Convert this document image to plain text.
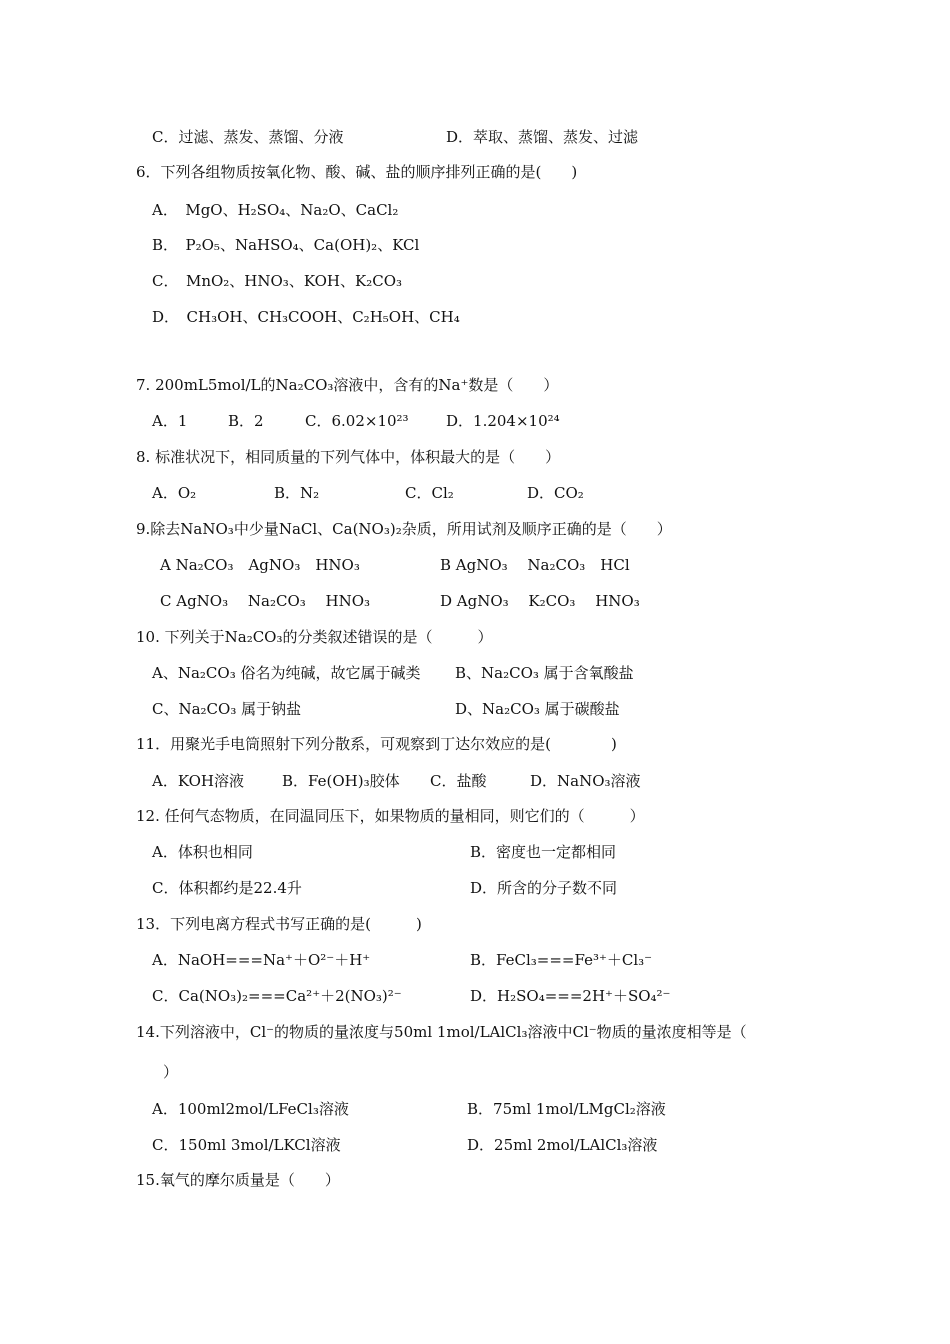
C．过滤、蒸发、蒸馏、分液	D．萃取、蒸馏、蒸发、过滤
6．下列各组物质按氧化物、酸、碱、盐的顺序排列正确的是(　　)
A．　MgO、H₂SO₄、Na₂O、CaCl₂
B．　P₂O₅、NaHSO₄、Ca(OH)₂、KCl
C．　MnO₂、HNO₃、KOH、K₂CO₃
D．　CH₃OH、CH₃COOH、C₂H₅OH、CH₄
7. 200mL5mol/L的Na₂CO₃溶液中，含有的Na⁺数是（　　）
A．1	B．2	C．6.02×10²³ D．1.204×10²⁴
8. 标准状况下，相同质量的下列气体中，体积最大的是（　　）
A．O₂	B．N₂	C．Cl₂	D．CO₂
9.除去NaNO₃中少量NaCl、Ca(NO₃)₂杂质，所用试剂及顺序正确的是（　　）
A Na₂CO₃　AgNO₃　HNO₃	B AgNO₃　 Na₂CO₃　HCl
C AgNO₃　 Na₂CO₃　 HNO₃	D AgNO₃　 K₂CO₃　 HNO₃
10. 下列关于Na₂CO₃的分类叙述错误的是（　　　）
A、Na₂CO₃ 俗名为纯碱，故它属于碱类 B、Na₂CO₃ 属于含氧酸盐
C、Na₂CO₃ 属于钠盐	D、Na₂CO₃ 属于碳酸盐
11．用聚光手电筒照射下列分散系，可观察到丁达尔效应的是(　　　　)
A．KOH溶液	B．Fe(OH)₃胶体 C．盐酸	D．NaNO₃溶液
12. 任何气态物质，在同温同压下，如果物质的量相同，则它们的（　　　）
A．体积也相同	B．密度也一定都相同
C．体积都约是22.4升	D．所含的分子数不同
13．下列电离方程式书写正确的是(　　　)
A．NaOH===Na⁺＋O²⁻＋H⁺	B．FeCl₃===Fe³⁺＋Cl₃⁻
C．Ca(NO₃)₂===Ca²⁺＋2(NO₃)²⁻	D．H₂SO₄===2H⁺＋SO₄²⁻
14.下列溶液中，Cl⁻的物质的量浓度与50ml 1mol/LAlCl₃溶液中Cl⁻物质的量浓度相等是（
）
A．100ml2mol/LFeCl₃溶液	B．75ml 1mol/LMgCl₂溶液
C．150ml 3mol/LKCl溶液	D．25ml 2mol/LAlCl₃溶液
15.氧气的摩尔质量是（　　）
